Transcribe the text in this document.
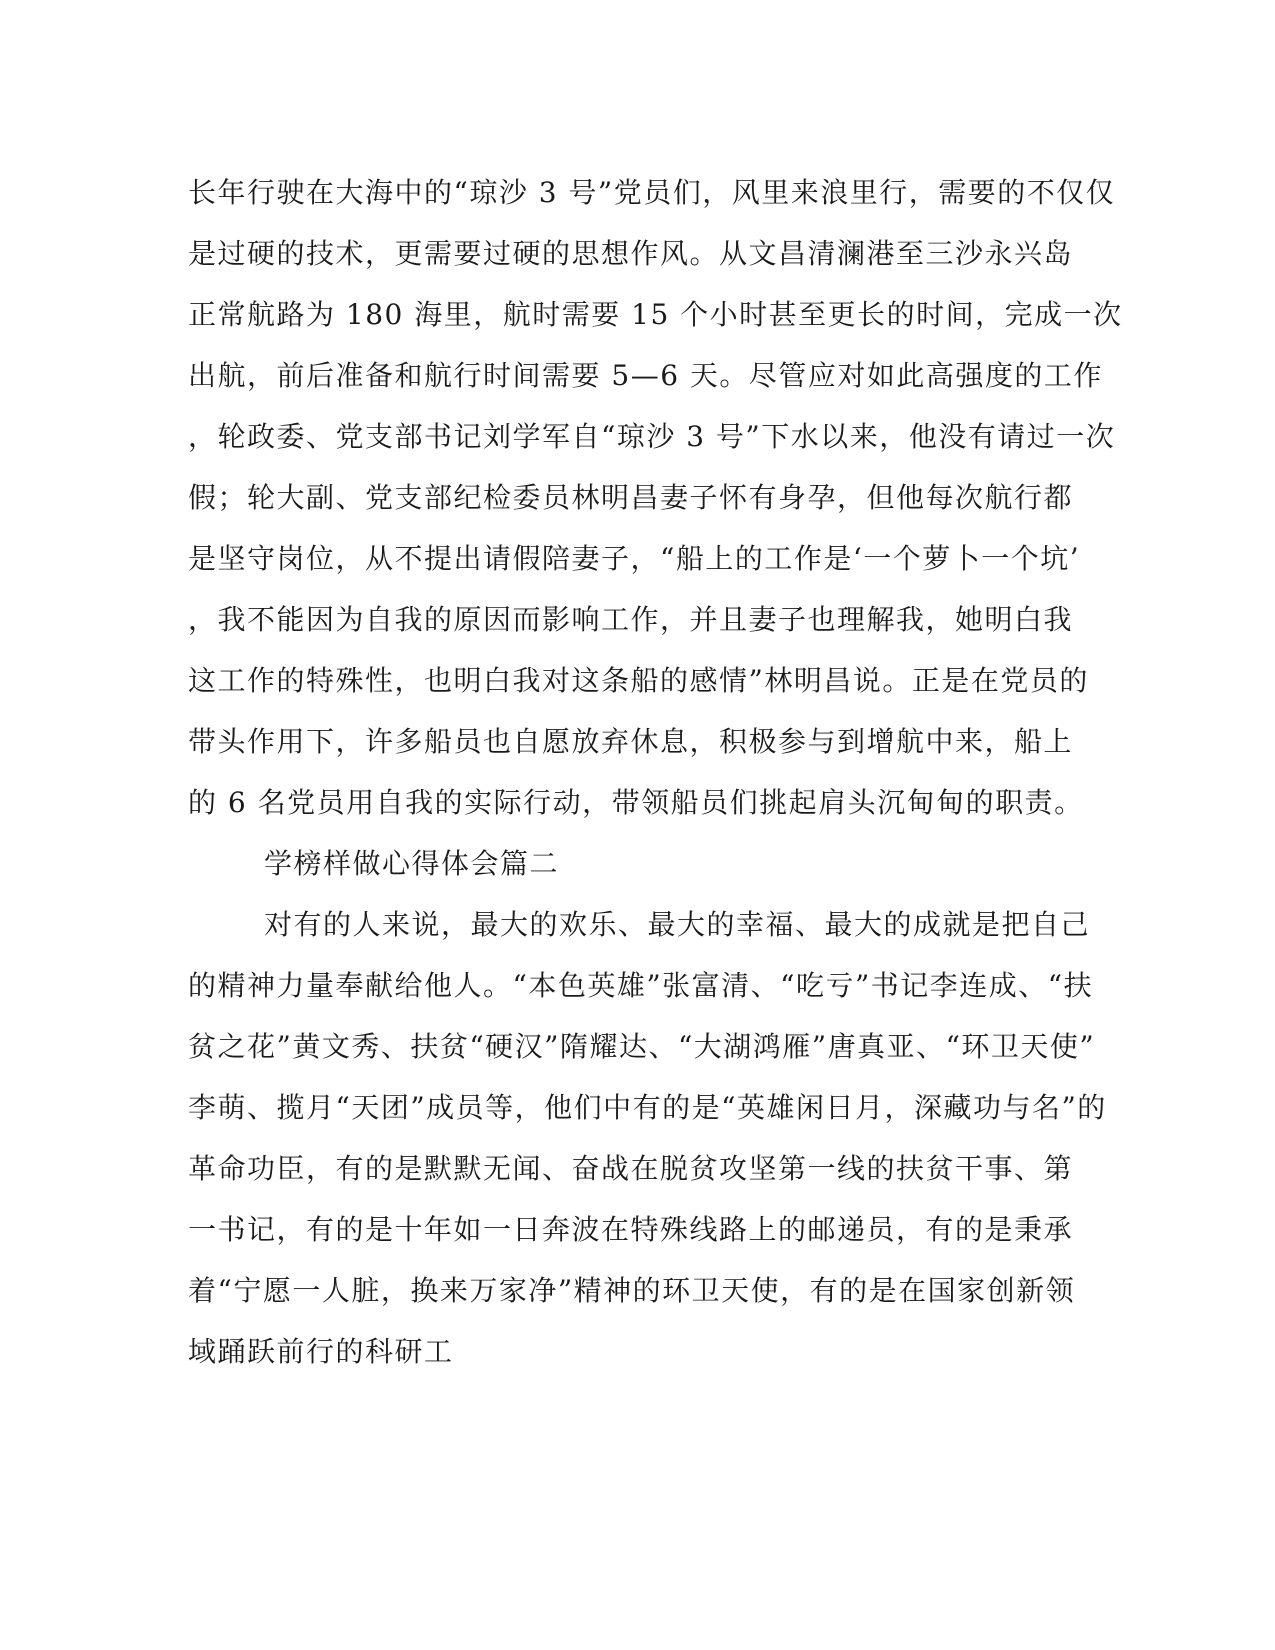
长年行驶在大海中的“琼沙 3 号”党员们，风里来浪里行，需要的不仅仅
是过硬的技术，更需要过硬的思想作风。从文昌清澜港至三沙永兴岛
正常航路为 180 海里，航时需要 15 个小时甚至更长的时间，完成一次
出航，前后准备和航行时间需要 5—6 天。尽管应对如此高强度的工作
，轮政委、党支部书记刘学军自“琼沙 3 号”下水以来，他没有请过一次
假；轮大副、党支部纪检委员林明昌妻子怀有身孕，但他每次航行都
是坚守岗位，从不提出请假陪妻子，“船上的工作是‘一个萝卜一个坑’
，我不能因为自我的原因而影响工作，并且妻子也理解我，她明白我
这工作的特殊性，也明白我对这条船的感情”林明昌说。正是在党员的
带头作用下，许多船员也自愿放弃休息，积极参与到增航中来，船上
的 6 名党员用自我的实际行动，带领船员们挑起肩头沉甸甸的职责。
学榜样做心得体会篇二
对有的人来说，最大的欢乐、最大的幸福、最大的成就是把自己
的精神力量奉献给他人。“本色英雄”张富清、“吃亏”书记李连成、“扶
贫之花”黄文秀、扶贫“硬汉”隋耀达、“大湖鸿雁”唐真亚、“环卫天使”
李萌、揽月“天团”成员等，他们中有的是“英雄闲日月，深藏功与名”的
革命功臣，有的是默默无闻、奋战在脱贫攻坚第一线的扶贫干事、第
一书记，有的是十年如一日奔波在特殊线路上的邮递员，有的是秉承
着“宁愿一人脏，换来万家净”精神的环卫天使，有的是在国家创新领
域踊跃前行的科研工
